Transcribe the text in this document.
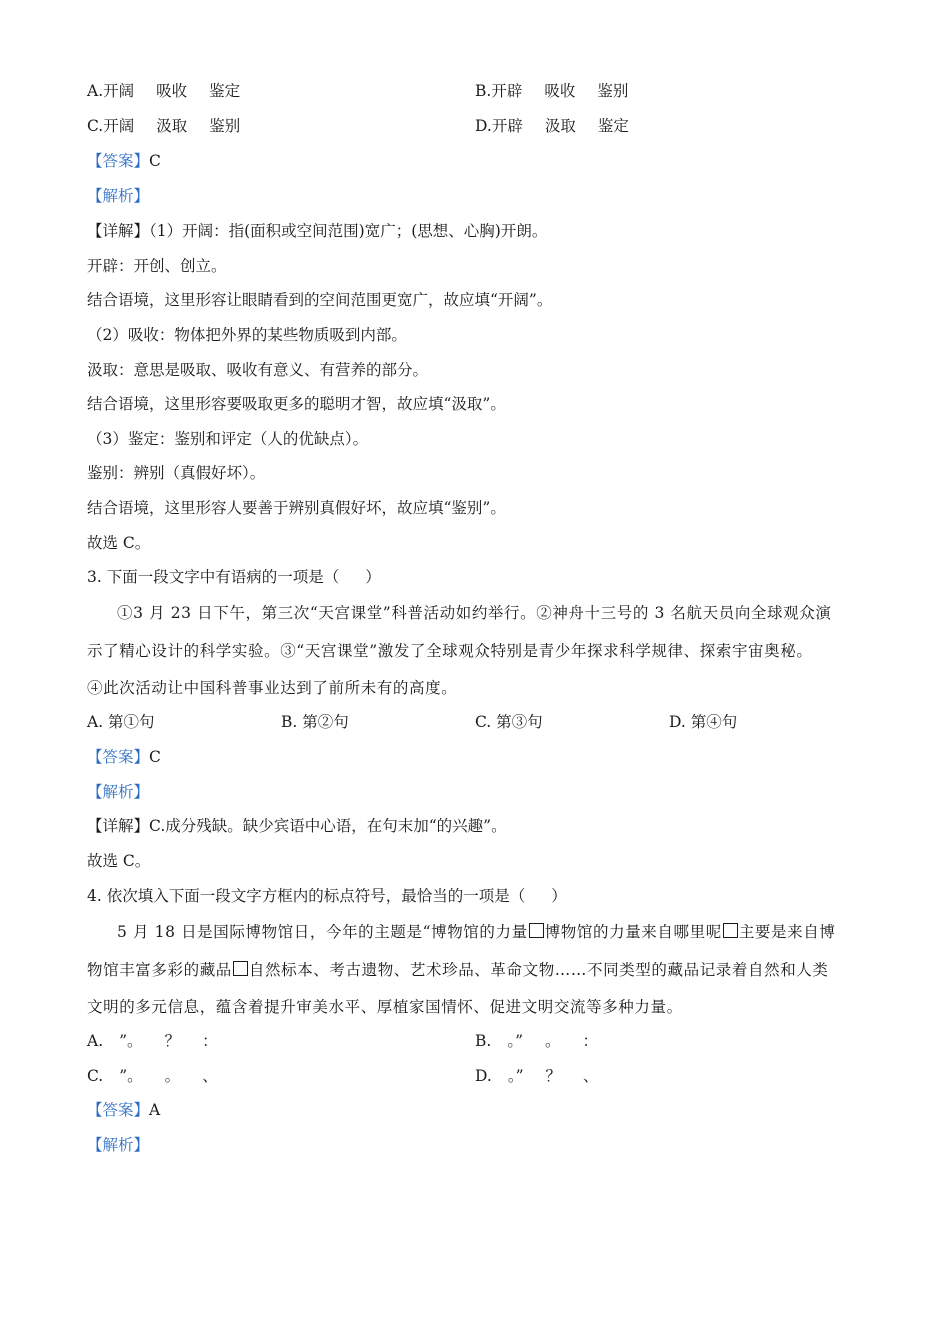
A.开阔 吸收 鉴定	B.开辟 吸收 鉴别
C.开阔 汲取 鉴别	D.开辟 汲取 鉴定
【答案】C
【解析】
【详解】（1）开阔：指(面积或空间范围)宽广；(思想、心胸)开朗。
开辟：开创、创立。
结合语境，这里形容让眼睛看到的空间范围更宽广，故应填“开阔”。
（2）吸收：物体把外界的某些物质吸到内部。
汲取：意思是吸取、吸收有意义、有营养的部分。
结合语境，这里形容要吸取更多的聪明才智，故应填“汲取”。
（3）鉴定：鉴别和评定（人的优缺点）。
鉴别：辨别（真假好坏）。
结合语境，这里形容人要善于辨别真假好坏，故应填“鉴别”。
故选 C。
3. 下面一段文字中有语病的一项是（ ）
①3 月 23 日下午，第三次“天宫课堂”科普活动如约举行。②神舟十三号的 3 名航天员向全球观众演
示了精心设计的科学实验。③“天宫课堂”激发了全球观众特别是青少年探求科学规律、探索宇宙奥秘。
④此次活动让中国科普事业达到了前所未有的高度。
A. 第①句	B. 第②句	C. 第③句	D. 第④句
【答案】C
【解析】
【详解】C.成分残缺。缺少宾语中心语，在句末加“的兴趣”。
故选 C。
4. 依次填入下面一段文字方框内的标点符号，最恰当的一项是（ ）
5 月 18 日是国际博物馆日，今年的主题是“博物馆的力量 博物馆的力量来自哪里呢 主要是来自博
物馆丰富多彩的藏品 自然标本、考古遗物、艺术珍品、革命文物……不同类型的藏品记录着自然和人类
文明的多元信息，蕴含着提升审美水平、厚植家国情怀、促进文明交流等多种力量。
A. ”。 ？ ：	B. 。” 。 ：
C. ”。 。 、	D. 。” ？ 、
【答案】A
【解析】
